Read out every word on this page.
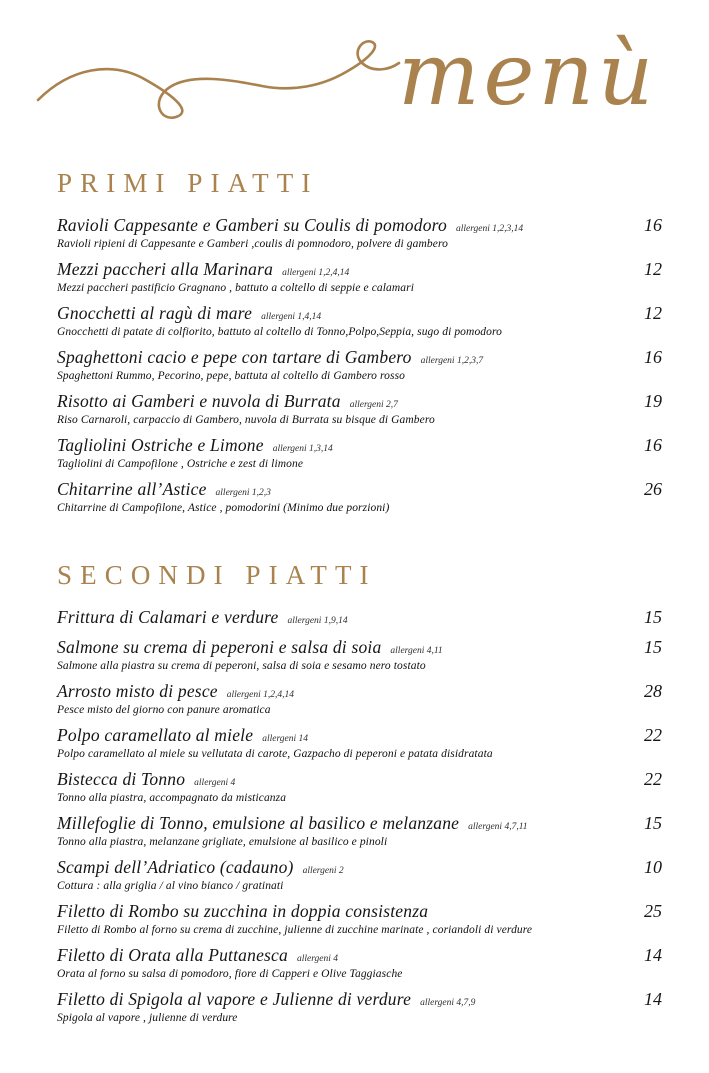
menù
PRIMI PIATTI
Ravioli Cappesante e Gamberi su Coulis di pomodoro allergeni 1,2,3,14	16
Ravioli ripieni di Cappesante e Gamberi ,coulis di pomnodoro, polvere di gambero
Mezzi paccheri alla Marinara allergeni 1,2,4,14	12
Mezzi paccheri pastificio Gragnano , battuto a coltello di seppie e calamari
Gnocchetti al ragù di mare allergeni 1,4,14	12
Gnocchetti di patate di colfiorito, battuto al coltello di Tonno,Polpo,Seppia, sugo di pomodoro
Spaghettoni cacio e pepe con tartare di Gambero allergeni 1,2,3,7	16
Spaghettoni Rummo, Pecorino, pepe, battuta al coltello di Gambero rosso
Risotto ai Gamberi e nuvola di Burrata allergeni 2,7	19
Riso Carnaroli, carpaccio di Gambero, nuvola di Burrata su bisque di Gambero
Tagliolini Ostriche e Limone allergeni 1,3,14	16
Tagliolini di Campofilone , Ostriche e zest di limone
Chitarrine all’Astice allergeni 1,2,3	26
Chitarrine di Campofilone, Astice , pomodorini (Minimo due porzioni)
SECONDI PIATTI
Frittura di Calamari e verdure allergeni 1,9,14	15
Salmone su crema di peperoni e salsa di soia allergeni 4,11	15
Salmone alla piastra su crema di peperoni, salsa di soia e sesamo nero tostato
Arrosto misto di pesce allergeni 1,2,4,14	28
Pesce misto del giorno con panure aromatica
Polpo caramellato al miele allergeni 14	22
Polpo caramellato al miele su vellutata di carote, Gazpacho di peperoni e patata disidratata
Bistecca di Tonno allergeni 4	22
Tonno alla piastra, accompagnato da misticanza
Millefoglie di Tonno, emulsione al basilico e melanzane allergeni 4,7,11	15
Tonno alla piastra, melanzane grigliate, emulsione al basilico e pinoli
Scampi dell’Adriatico (cadauno) allergeni 2	10
Cottura : alla griglia / al vino bianco / gratinati
Filetto di Rombo su zucchina in doppia consistenza	25
Filetto di Rombo al forno su crema di zucchine, julienne di zucchine marinate , coriandoli di verdure
Filetto di Orata alla Puttanesca allergeni 4	14
Orata al forno su salsa di pomodoro, fiore di Capperi e Olive Taggiasche
Filetto di Spigola al vapore e Julienne di verdure allergeni 4,7,9	14
Spigola al vapore , julienne di verdure
